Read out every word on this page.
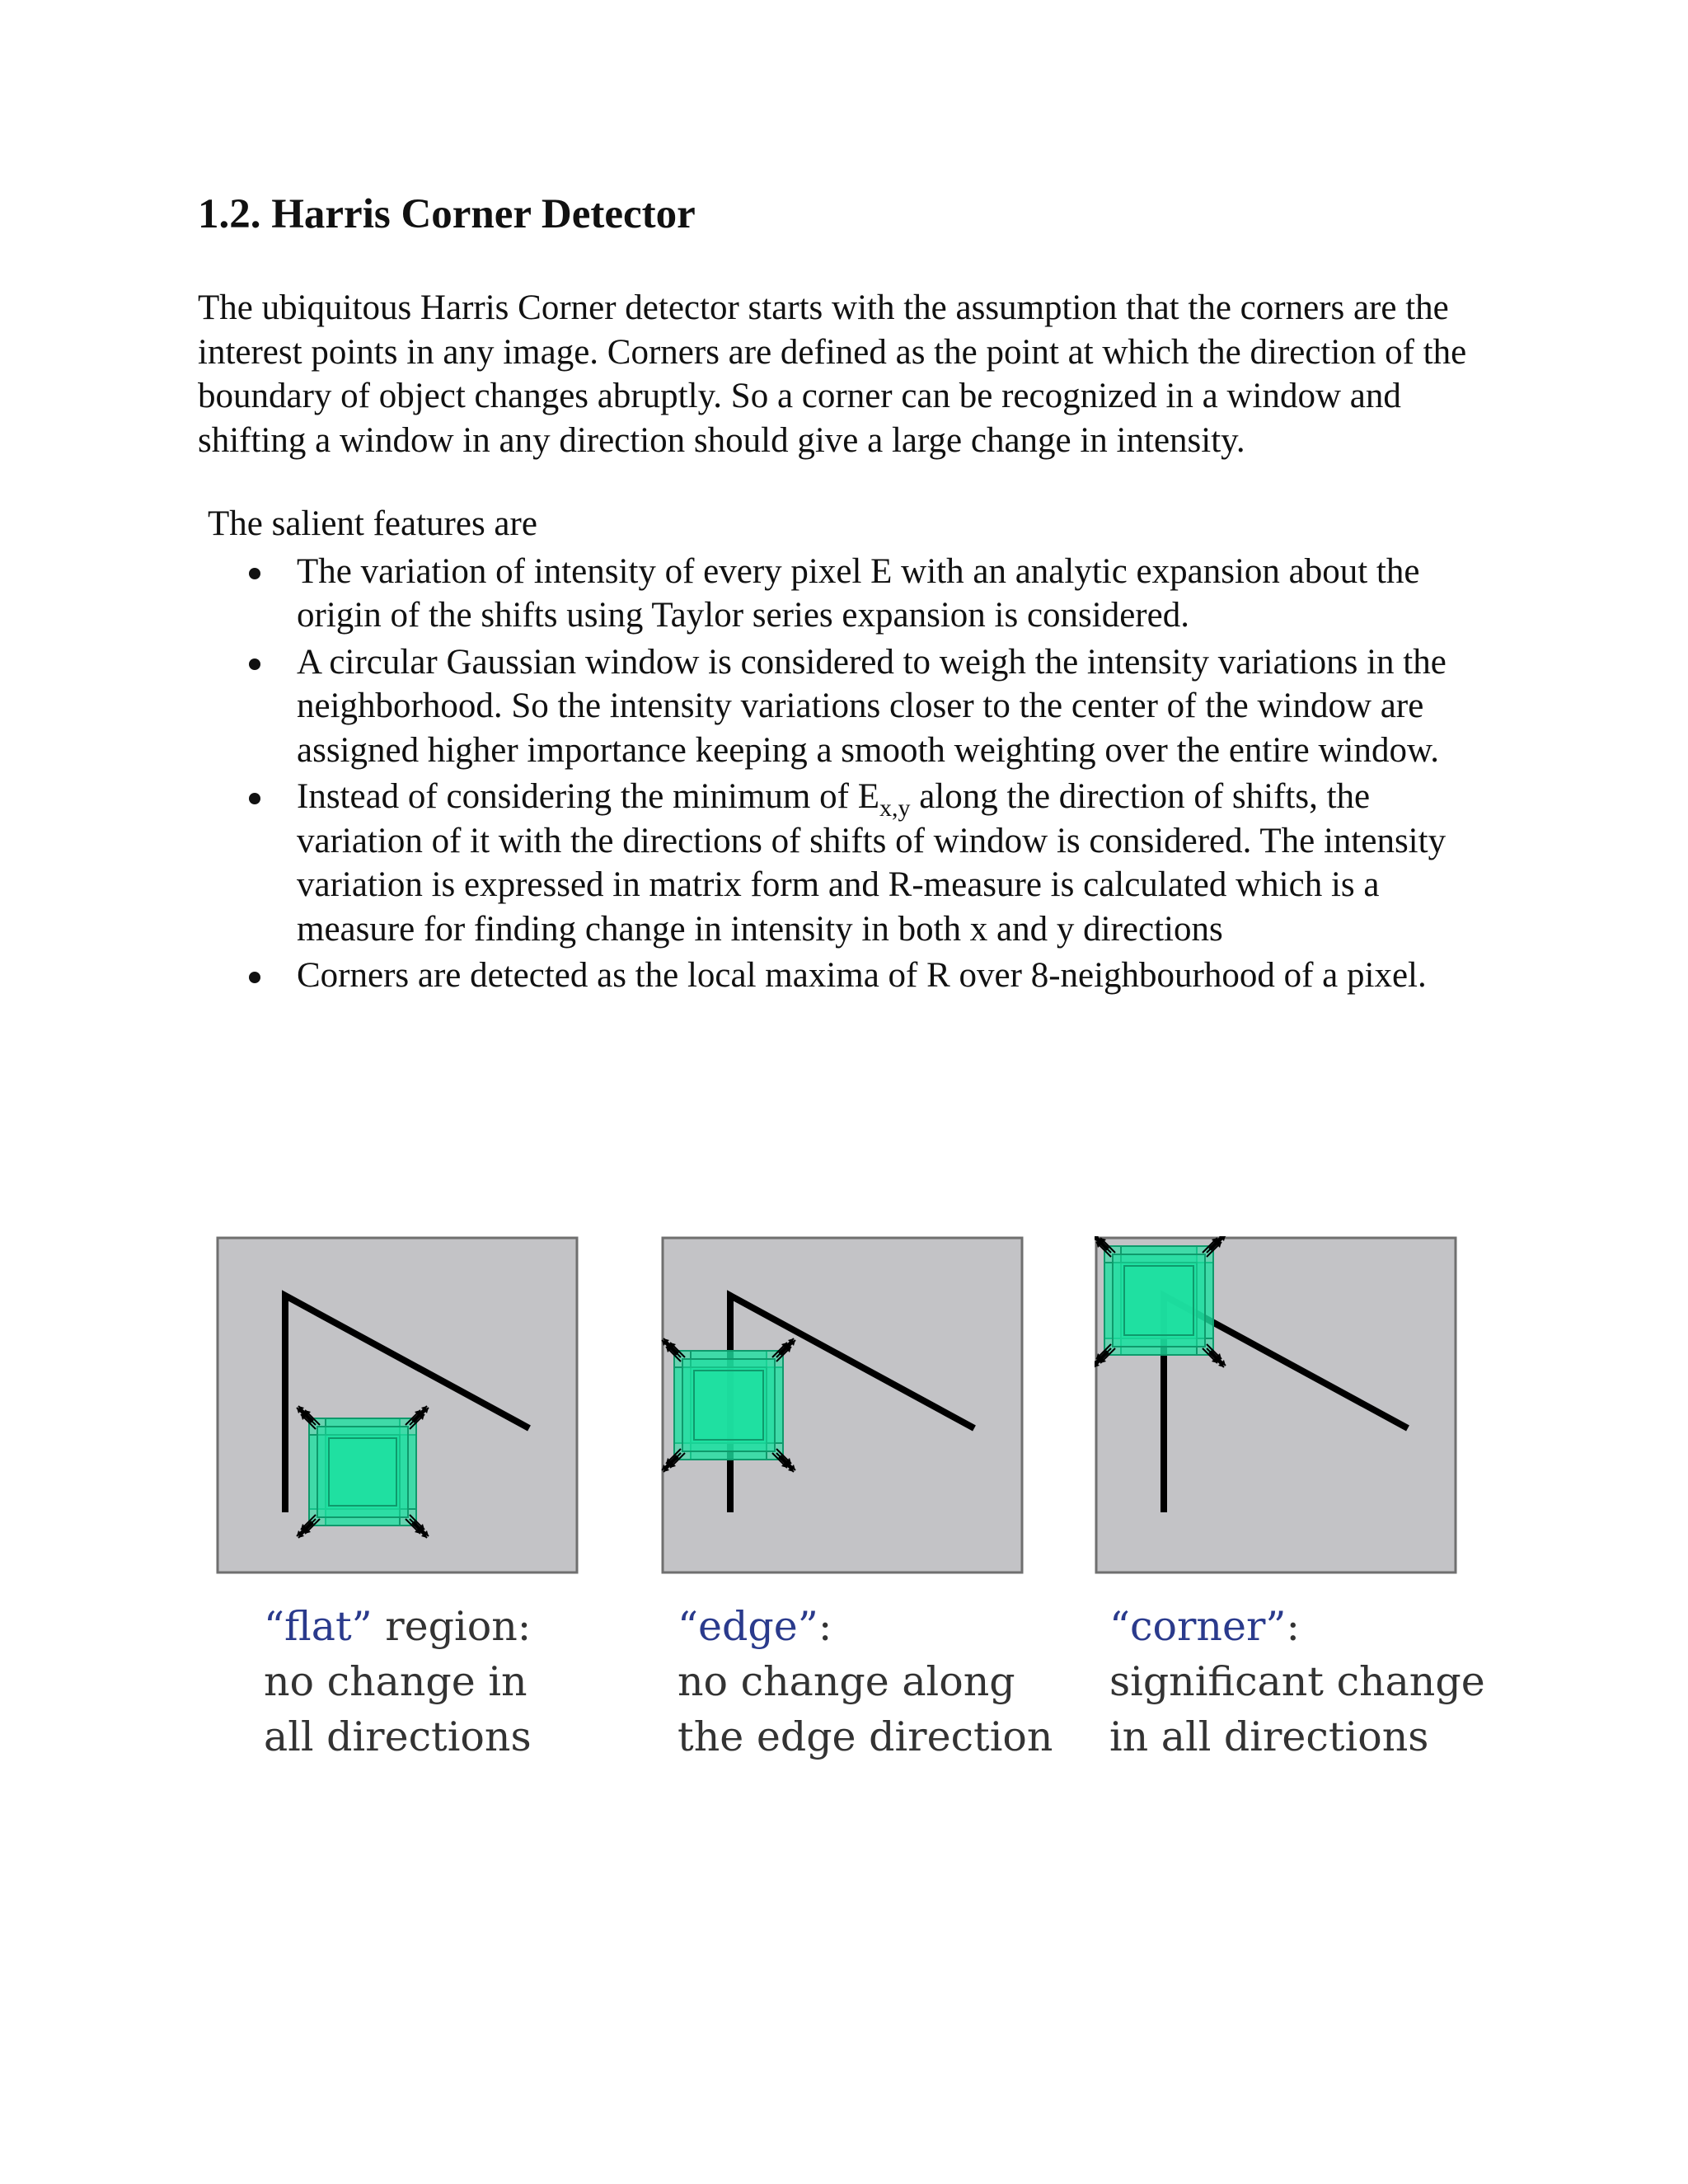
1.2. Harris Corner Detector

The ubiquitous Harris Corner detector starts with the assumption that the corners are the interest points in any image. Corners are defined as the point at which the direction of the boundary of object changes abruptly. So a corner can be recognized in a window and shifting a window in any direction should give a large change in intensity.

The salient features are

The variation of intensity of every pixel E with an analytic expansion about the origin of the shifts using Taylor series expansion is considered.
A circular Gaussian window is considered to weigh the intensity variations in the neighborhood. So the intensity variations closer to the center of the window are assigned higher importance keeping a smooth weighting over the entire window.
Instead of considering the minimum of $E_{x,y}$ along the direction of shifts, the variation of it with the directions of shifts of window is considered. The intensity variation is expressed in matrix form and R-measure is calculated which is a measure for finding change in intensity in both x and y directions
Corners are detected as the local maxima of R over 8-neighbourhood of a pixel.
“flat” region:
no change in
all directions
“edge”:
no change along
the edge direction
“corner”:
significant change
in all directions
